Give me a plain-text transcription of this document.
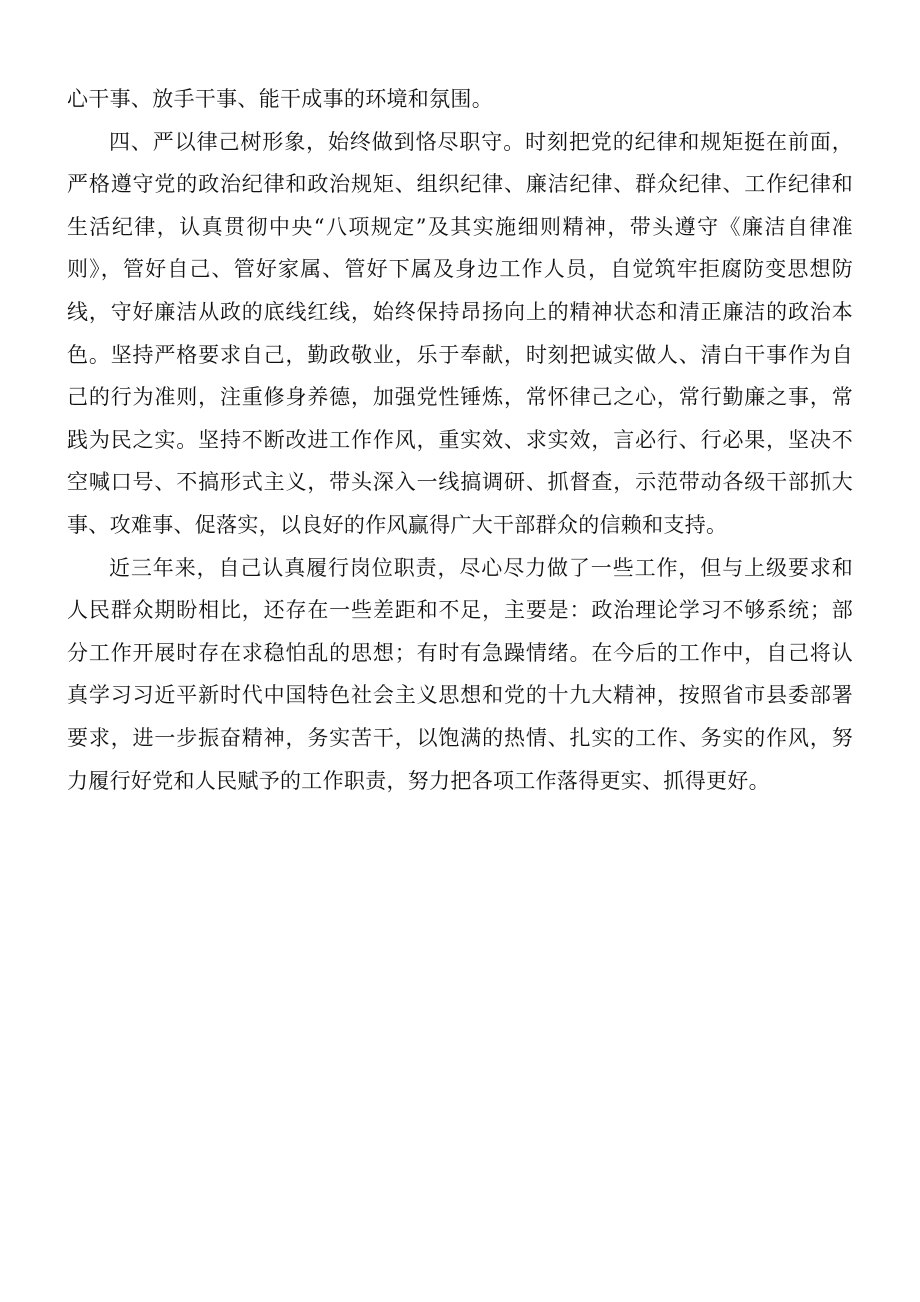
心干事、放手干事、能干成事的环境和氛围。

四、严以律己树形象，始终做到恪尽职守。时刻把党的纪律和规矩挺在前面，严格遵守党的政治纪律和政治规矩、组织纪律、廉洁纪律、群众纪律、工作纪律和生活纪律，认真贯彻中央“八项规定”及其实施细则精神，带头遵守《廉洁自律准则》，管好自己、管好家属、管好下属及身边工作人员，自觉筑牢拒腐防变思想防线，守好廉洁从政的底线红线，始终保持昂扬向上的精神状态和清正廉洁的政治本色。坚持严格要求自己，勤政敬业，乐于奉献，时刻把诚实做人、清白干事作为自己的行为准则，注重修身养德，加强党性锤炼，常怀律己之心，常行勤廉之事，常践为民之实。坚持不断改进工作作风，重实效、求实效，言必行、行必果，坚决不空喊口号、不搞形式主义，带头深入一线搞调研、抓督查，示范带动各级干部抓大事、攻难事、促落实，以良好的作风赢得广大干部群众的信赖和支持。

近三年来，自己认真履行岗位职责，尽心尽力做了一些工作，但与上级要求和人民群众期盼相比，还存在一些差距和不足，主要是：政治理论学习不够系统；部分工作开展时存在求稳怕乱的思想；有时有急躁情绪。在今后的工作中，自己将认真学习习近平新时代中国特色社会主义思想和党的十九大精神，按照省市县委部署要求，进一步振奋精神，务实苦干，以饱满的热情、扎实的工作、务实的作风，努力履行好党和人民赋予的工作职责，努力把各项工作落得更实、抓得更好。
